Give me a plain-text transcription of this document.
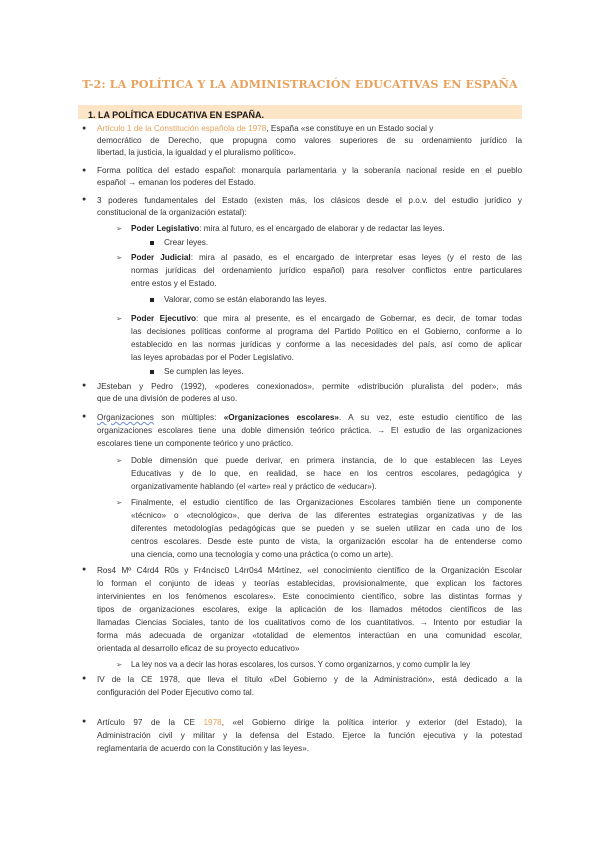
T-2: LA POLÍTICA Y LA ADMINISTRACIÓN EDUCATIVAS EN ESPAÑA
1. LA POLÍTICA EDUCATIVA EN ESPAÑA.
● Artículo 1 de la Constitución española de 1978, España «se constituye en un Estado social y
democrático de Derecho, que propugna como valores superiores de su ordenamiento jurídico la
libertad, la justicia, la igualdad y el pluralismo político».
● Forma política del estado español: monarquía parlamentaria y la soberanía nacional reside en el pueblo
español → emanan los poderes del Estado.
● 3 poderes fundamentales del Estado (existen más, los clásicos desde el p.o.v. del estudio jurídico y
constitucional de la organización estatal):
➢ Poder Legislativo: mira al futuro, es el encargado de elaborar y de redactar las leyes.
Crear leyes.
➢ Poder Judicial: mira al pasado, es el encargado de interpretar esas leyes (y el resto de las
normas jurídicas del ordenamiento jurídico español) para resolver conflictos entre particulares
entre estos y el Estado.
Valorar, como se están elaborando las leyes.
➢ Poder Ejecutivo: que mira al presente, es el encargado de Gobernar, es decir, de tomar todas
las decisiones políticas conforme al programa del Partido Político en el Gobierno, conforme a lo
establecido en las normas jurídicas y conforme a las necesidades del país, así como de aplicar
las leyes aprobadas por el Poder Legislativo.
Se cumplen las leyes.
● JEsteban y Pedro (1992), «poderes conexionados», permite «distribución pluralista del poder», más
que de una división de poderes al uso.
● Organizaciones son múltiples: «Organizaciones escolares». A su vez, este estudio científico de las
organizaciones escolares tiene una doble dimensión teórico práctica. → El estudio de las organizaciones
escolares tiene un componente teórico y uno práctico.
➢ Doble dimensión que puede derivar, en primera instancia, de lo que establecen las Leyes
Educativas y de lo que, en realidad, se hace en los centros escolares, pedagógica y
organizativamente hablando (el «arte» real y práctico de «educar»).
➢ Finalmente, el estudio científico de las Organizaciones Escolares también tiene un componente
«técnico» o «tecnológico», que deriva de las diferentes estrategias organizativas y de las
diferentes metodologías pedagógicas que se pueden y se suelen utilizar en cada uno de los
centros escolares. Desde este punto de vista, la organización escolar ha de entenderse como
una ciencia, como una tecnología y como una práctica (o como un arte).
● Ros4 Mº C4rd4 R0s y Fr4ncisc0 L4rr0s4 M4rtínez, «el conocimiento científico de la Organización Escolar
lo forman el conjunto de ideas y teorías establecidas, provisionalmente, que explican los factores
intervinientes en los fenómenos escolares». Este conocimiento científico, sobre las distintas formas y
tipos de organizaciones escolares, exige la aplicación de los llamados métodos científicos de las
llamadas Ciencias Sociales, tanto de los cualitativos como de los cuantitativos. → Intento por estudiar la
forma más adecuada de organizar «totalidad de elementos interactúan en una comunidad escolar,
orientada al desarrollo eficaz de su proyecto educativo»
➢ La ley nos va a decir las horas escolares, los cursos. Y como organizarnos, y como cumplir la ley
● IV de la CE 1978, que lleva el título «Del Gobierno y de la Administración», está dedicado a la
configuración del Poder Ejecutivo como tal.
● Artículo 97 de la CE 1978, «el Gobierno dirige la política interior y exterior (del Estado), la
Administración civil y militar y la defensa del Estado. Ejerce la función ejecutiva y la potestad
reglamentaria de acuerdo con la Constitución y las leyes».
